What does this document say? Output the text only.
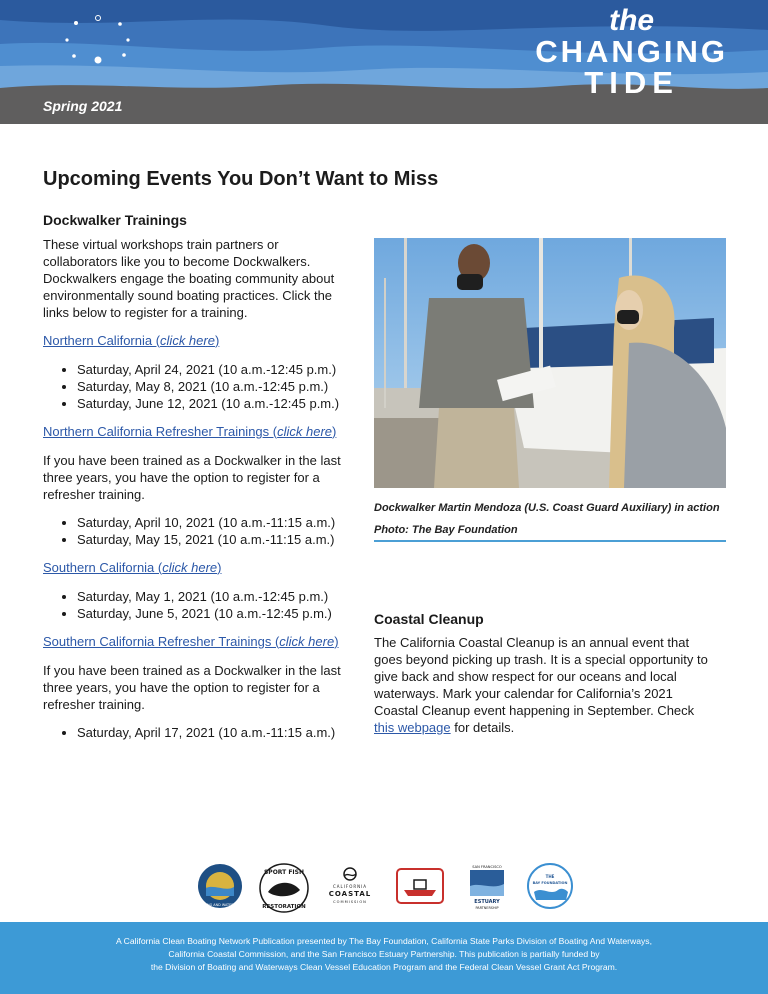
Spring 2021
the
CHANGING
TIDE
Upcoming Events You Don’t Want to Miss
Dockwalker Trainings

These virtual workshops train partners or collaborators like you to become Dockwalkers. Dockwalkers engage the boating community about environmentally sound boating practices. Click the links below to register for a training.

Northern California (click here)
• Saturday, April 24, 2021 (10 a.m.-12:45 p.m.)
• Saturday, May 8, 2021 (10 a.m.-12:45 p.m.)
• Saturday, June 12, 2021 (10 a.m.-12:45 p.m.)
Northern California Refresher Trainings (click here)

If you have been trained as a Dockwalker in the last three years, you have the option to register for a refresher training.

• Saturday, April 10, 2021 (10 a.m.-11:15 a.m.)
• Saturday, May 15, 2021 (10 a.m.-11:15 a.m.)
Southern California (click here)
• Saturday, May 1, 2021 (10 a.m.-12:45 p.m.)
• Saturday, June 5, 2021 (10 a.m.-12:45 p.m.)
Southern California Refresher Trainings (click here)

If you have been trained as a Dockwalker in the last three years, you have the option to register for a refresher training.

• Saturday, April 17, 2021 (10 a.m.-11:15 a.m.)
Dockwalker Martin Mendoza (U.S. Coast Guard Auxiliary) in action
Photo: The Bay Foundation
Coastal Cleanup

The California Coastal Cleanup is an annual event that goes beyond picking up trash. It is a special opportunity to give back and show respect for our oceans and local waterways. Mark your calendar for California’s 2021 Coastal Cleanup event happening in September. Check this webpage for details.

BOATING AND WATERWAYS
SPORT FISH
RESTORATION
CALIFORNIA
COASTAL
COMMISSION
SAN FRANCISCO
ESTUARY
PARTNERSHIP
THE
BAY FOUNDATION
A California Clean Boating Network Publication presented by The Bay Foundation, California State Parks Division of Boating And Waterways,
California Coastal Commission, and the San Francisco Estuary Partnership. This publication is partially funded by
the Division of Boating and Waterways Clean Vessel Education Program and the Federal Clean Vessel Grant Act Program.
